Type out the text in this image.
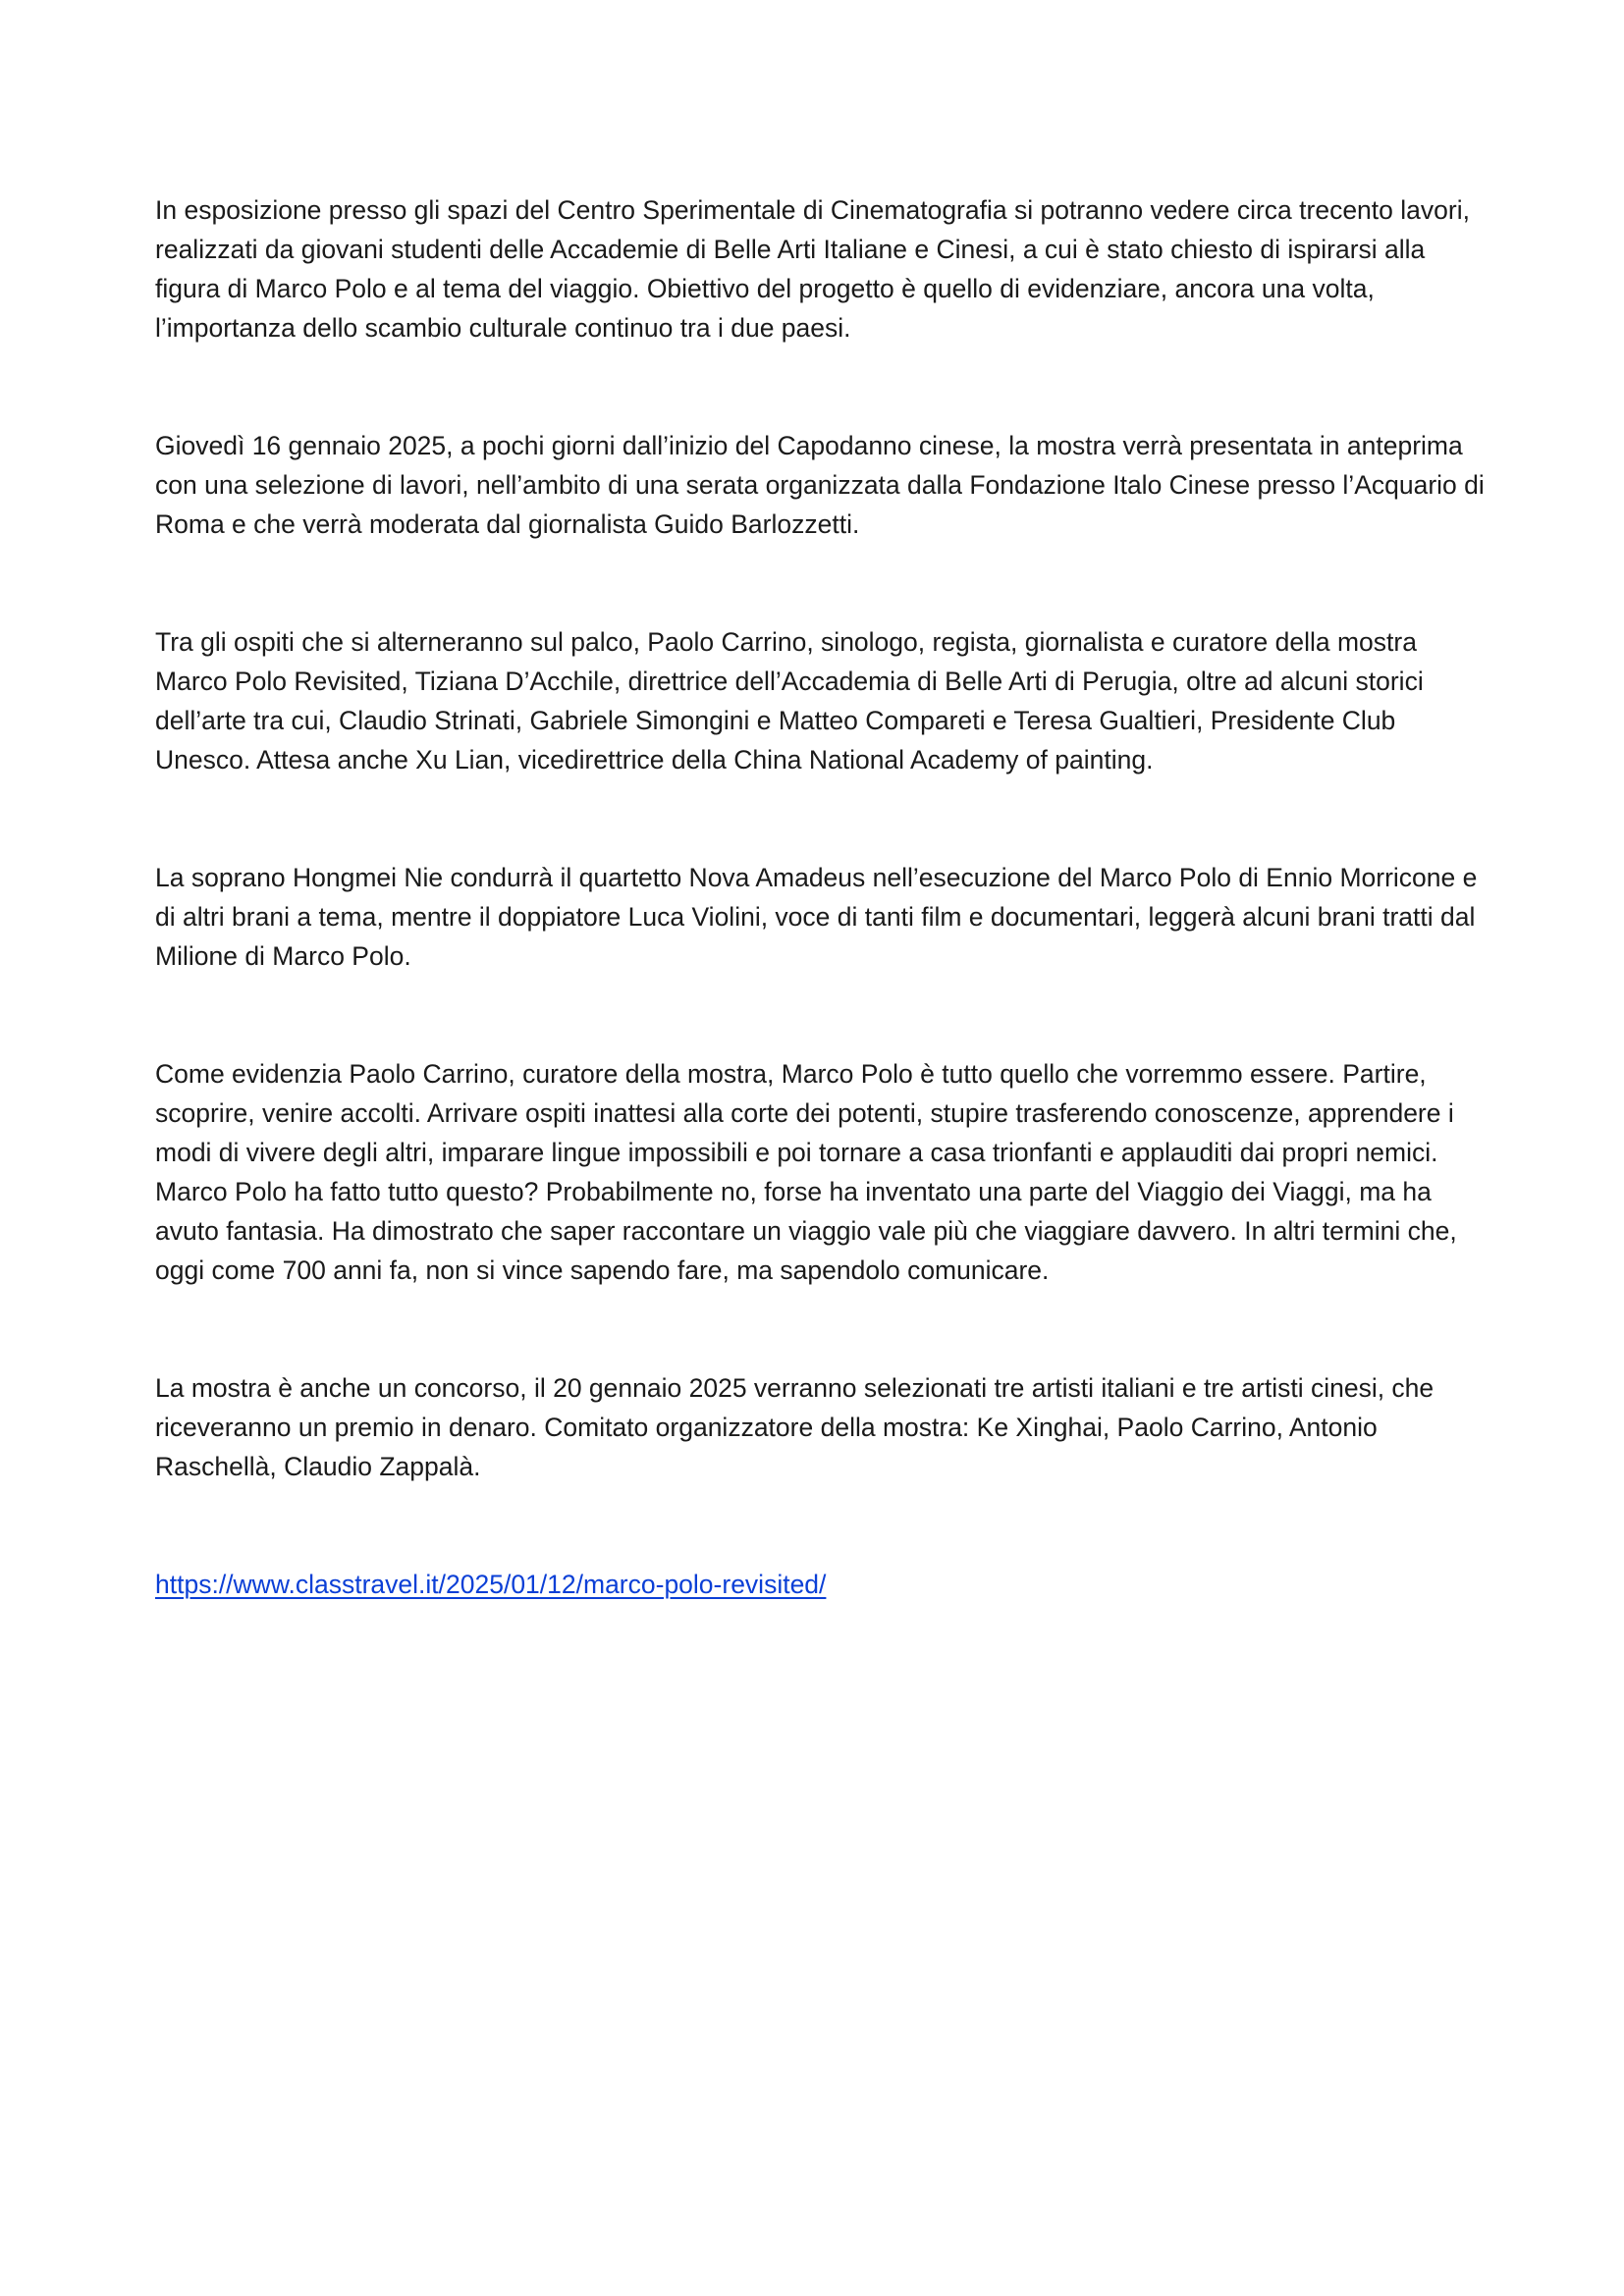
In esposizione presso gli spazi del Centro Sperimentale di Cinematografia si potranno vedere circa trecento lavori, realizzati da giovani studenti delle Accademie di Belle Arti Italiane e Cinesi, a cui è stato chiesto di ispirarsi alla figura di Marco Polo e al tema del viaggio. Obiettivo del progetto è quello di evidenziare, ancora una volta, l’importanza dello scambio culturale continuo tra i due paesi.

Giovedì 16 gennaio 2025, a pochi giorni dall’inizio del Capodanno cinese, la mostra verrà presentata in anteprima con una selezione di lavori, nell’ambito di una serata organizzata dalla Fondazione Italo Cinese presso l’Acquario di Roma e che verrà moderata dal giornalista Guido Barlozzetti.

Tra gli ospiti che si alterneranno sul palco, Paolo Carrino, sinologo, regista, giornalista e curatore della mostra Marco Polo Revisited, Tiziana D’Acchile, direttrice dell’Accademia di Belle Arti di Perugia, oltre ad alcuni storici dell’arte tra cui, Claudio Strinati, Gabriele Simongini e Matteo Compareti e Teresa Gualtieri, Presidente Club Unesco. Attesa anche Xu Lian, vicedirettrice della China National Academy of painting.

La soprano Hongmei Nie condurrà il quartetto Nova Amadeus nell’esecuzione del Marco Polo di Ennio Morricone e di altri brani a tema, mentre il doppiatore Luca Violini, voce di tanti film e documentari, leggerà alcuni brani tratti dal Milione di Marco Polo.

Come evidenzia Paolo Carrino, curatore della mostra, Marco Polo è tutto quello che vorremmo essere. Partire, scoprire, venire accolti. Arrivare ospiti inattesi alla corte dei potenti, stupire trasferendo conoscenze, apprendere i modi di vivere degli altri, imparare lingue impossibili e poi tornare a casa trionfanti e applauditi dai propri nemici. Marco Polo ha fatto tutto questo? Probabilmente no, forse ha inventato una parte del Viaggio dei Viaggi, ma ha avuto fantasia. Ha dimostrato che saper raccontare un viaggio vale più che viaggiare davvero. In altri termini che, oggi come 700 anni fa, non si vince sapendo fare, ma sapendolo comunicare.

La mostra è anche un concorso, il 20 gennaio 2025 verranno selezionati tre artisti italiani e tre artisti cinesi, che riceveranno un premio in denaro. Comitato organizzatore della mostra: Ke Xinghai, Paolo Carrino, Antonio Raschellà, Claudio Zappalà.

https://www.classtravel.it/2025/01/12/marco-polo-revisited/
